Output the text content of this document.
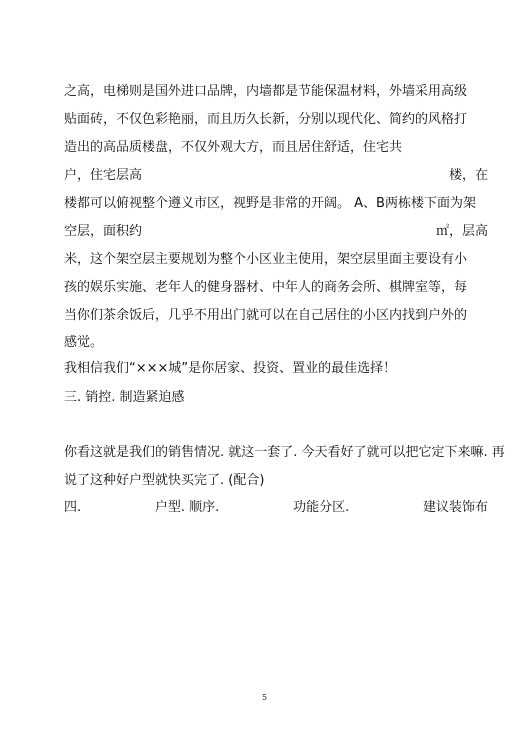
之高，电梯则是国外进口品牌，内墙都是节能保温材料，外墙采用高级
贴面砖，不仅色彩艳丽，而且历久长新，分别以现代化、简约的风格打
造出的高品质楼盘，不仅外观大方，而且居住舒适，住宅共
户，住宅层高	楼，在
楼都可以俯视整个遵义市区，视野是非常的开阔。 A、B两栋楼下面为架
空层，面积约	㎡，层高
米，这个架空层主要规划为整个小区业主使用，架空层里面主要设有小
孩的娱乐实施、老年人的健身器材、中年人的商务会所、棋牌室等，每
当你们茶余饭后，几乎不用出门就可以在自己居住的小区内找到户外的
感觉。
我相信我们“×××城”是你居家、投资、置业的最佳选择！
三. 销控. 制造紧迫感
你看这就是我们的销售情况. 就这一套了. 今天看好了就可以把它定下来嘛. 再
说了这种好户型就快买完了. (配合)
四.	户型. 顺序.	功能分区.	建议装饰布
5
